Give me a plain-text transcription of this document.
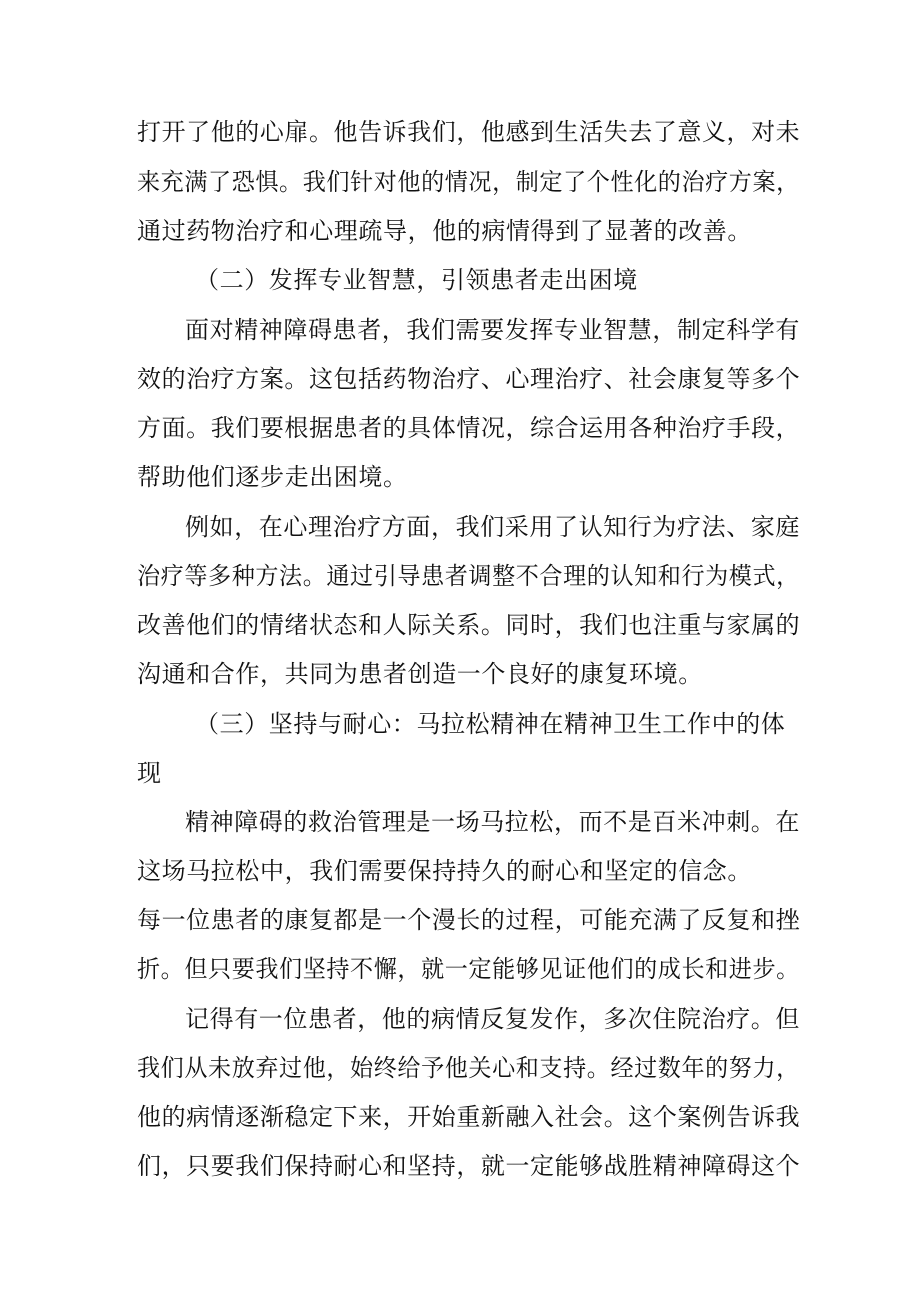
打开了他的心扉。他告诉我们，他感到生活失去了意义，对未
来充满了恐惧。我们针对他的情况，制定了个性化的治疗方案，
通过药物治疗和心理疏导，他的病情得到了显著的改善。
（二）发挥专业智慧，引领患者走出困境
面对精神障碍患者，我们需要发挥专业智慧，制定科学有
效的治疗方案。这包括药物治疗、心理治疗、社会康复等多个
方面。我们要根据患者的具体情况，综合运用各种治疗手段，
帮助他们逐步走出困境。
例如，在心理治疗方面，我们采用了认知行为疗法、家庭
治疗等多种方法。通过引导患者调整不合理的认知和行为模式，
改善他们的情绪状态和人际关系。同时，我们也注重与家属的
沟通和合作，共同为患者创造一个良好的康复环境。
（三）坚持与耐心：马拉松精神在精神卫生工作中的体
现
精神障碍的救治管理是一场马拉松，而不是百米冲刺。在
这场马拉松中，我们需要保持持久的耐心和坚定的信念。
每一位患者的康复都是一个漫长的过程，可能充满了反复和挫
折。但只要我们坚持不懈，就一定能够见证他们的成长和进步。
记得有一位患者，他的病情反复发作，多次住院治疗。但
我们从未放弃过他，始终给予他关心和支持。经过数年的努力，
他的病情逐渐稳定下来，开始重新融入社会。这个案例告诉我
们，只要我们保持耐心和坚持，就一定能够战胜精神障碍这个
